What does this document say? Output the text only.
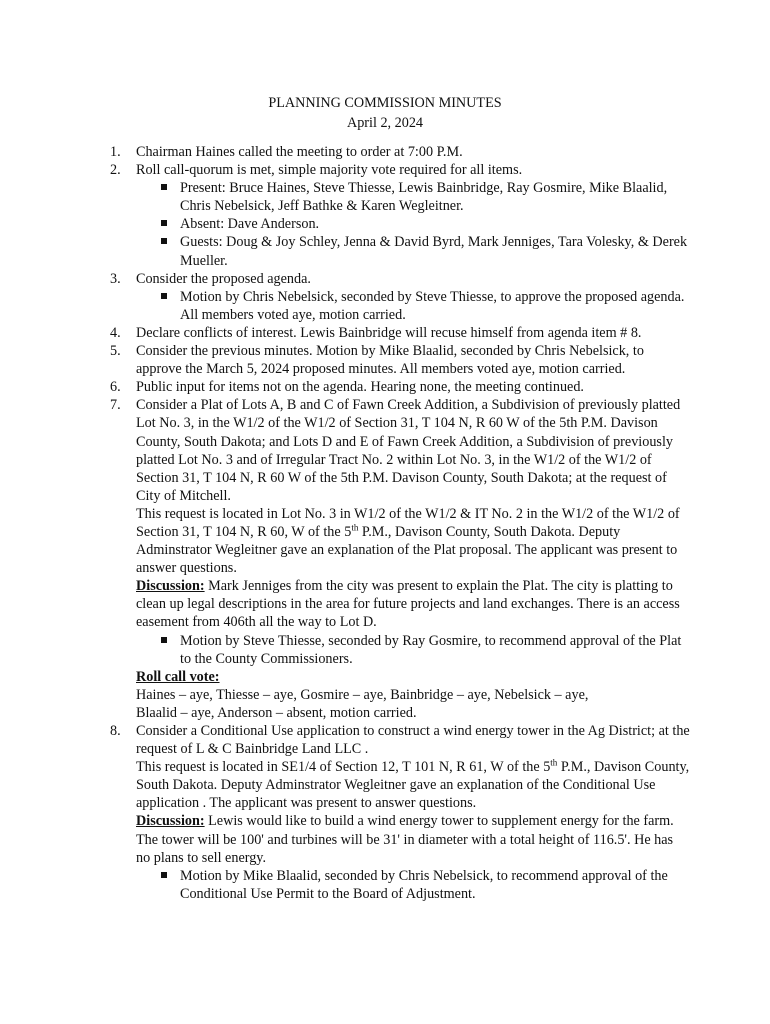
PLANNING COMMISSION MINUTES
April 2, 2024
1. Chairman Haines called the meeting to order at 7:00 P.M.
2. Roll call-quorum is met, simple majority vote required for all items.
Present: Bruce Haines, Steve Thiesse, Lewis Bainbridge, Ray Gosmire, Mike Blaalid, Chris Nebelsick, Jeff Bathke & Karen Wegleitner.
Absent: Dave Anderson.
Guests: Doug & Joy Schley, Jenna & David Byrd, Mark Jenniges, Tara Volesky, & Derek Mueller.
3. Consider the proposed agenda.
Motion by Chris Nebelsick, seconded by Steve Thiesse, to approve the proposed agenda. All members voted aye, motion carried.
4. Declare conflicts of interest. Lewis Bainbridge will recuse himself from agenda item # 8.
5. Consider the previous minutes. Motion by Mike Blaalid, seconded by Chris Nebelsick, to approve the March 5, 2024 proposed minutes. All members voted aye, motion carried.
6. Public input for items not on the agenda. Hearing none, the meeting continued.
7. Consider a Plat of Lots A, B and C of Fawn Creek Addition, a Subdivision of previously platted Lot No. 3, in the W1/2 of the W1/2 of Section 31, T 104 N, R 60 W of the 5th P.M. Davison County, South Dakota; and Lots D and E of Fawn Creek Addition, a Subdivision of previously platted Lot No. 3 and of Irregular Tract No. 2 within Lot No. 3, in the W1/2 of the W1/2 of Section 31, T 104 N, R 60 W of the 5th P.M. Davison County, South Dakota; at the request of City of Mitchell.
This request is located in Lot No. 3 in W1/2 of the W1/2 & IT No. 2 in the W1/2 of the W1/2 of Section 31, T 104 N, R 60, W of the 5th P.M., Davison County, South Dakota. Deputy Adminstrator Wegleitner gave an explanation of the Plat proposal. The applicant was present to answer questions.
Discussion: Mark Jenniges from the city was present to explain the Plat. The city is platting to clean up legal descriptions in the area for future projects and land exchanges. There is an access easement from 406th all the way to Lot D.
Motion by Steve Thiesse, seconded by Ray Gosmire, to recommend approval of the Plat to the County Commissioners.
Roll call vote:
Haines – aye, Thiesse – aye, Gosmire – aye, Bainbridge – aye, Nebelsick – aye,
Blaalid – aye, Anderson – absent, motion carried.
8. Consider a Conditional Use application to construct a wind energy tower in the Ag District; at the request of L & C Bainbridge Land LLC .
This request is located in SE1/4 of Section 12, T 101 N, R 61, W of the 5th P.M., Davison County, South Dakota. Deputy Adminstrator Wegleitner gave an explanation of the Conditional Use application . The applicant was present to answer questions.
Discussion: Lewis would like to build a wind energy tower to supplement energy for the farm. The tower will be 100' and turbines will be 31' in diameter with a total height of 116.5'. He has no plans to sell energy.
Motion by Mike Blaalid, seconded by Chris Nebelsick, to recommend approval of the Conditional Use Permit to the Board of Adjustment.
